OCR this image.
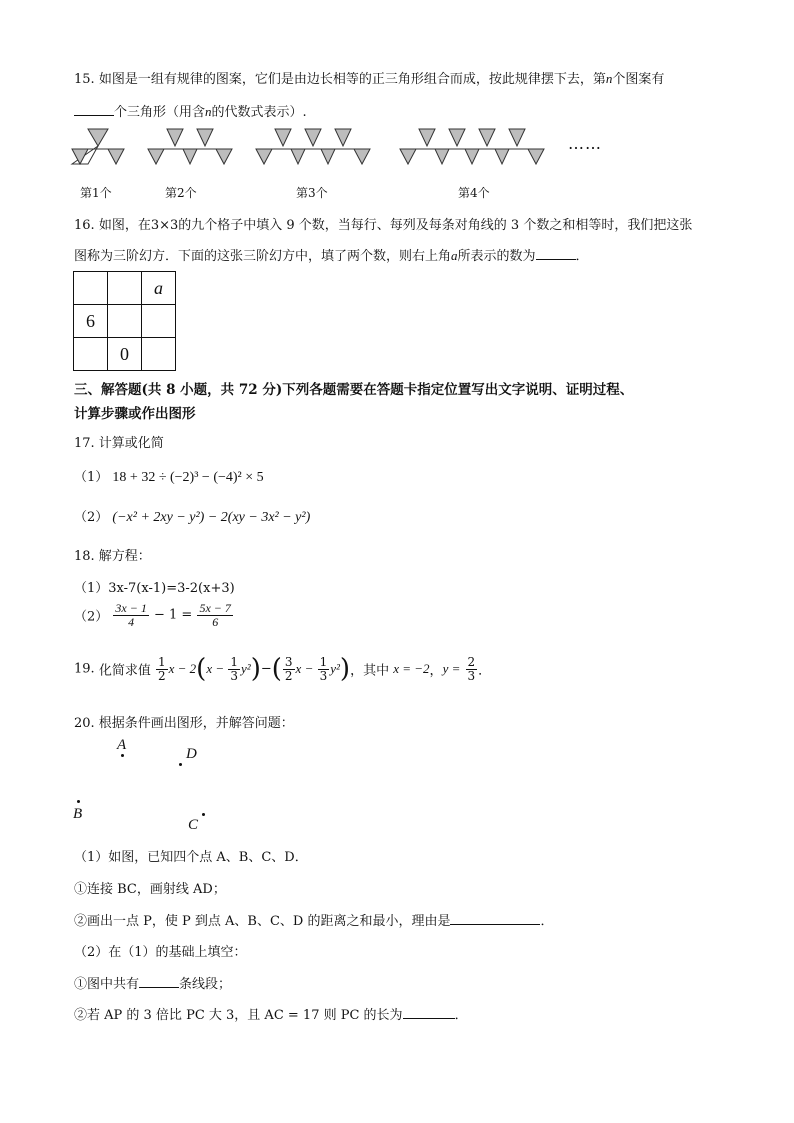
15. 如图是一组有规律的图案，它们是由边长相等的正三角形组合而成，按此规律摆下去，第n个图案有
个三角形（用含n的代数式表示）.
……
第1个	第2个	第3个	第4个
16. 如图，在3×3的九个格子中填入 9 个数，当每行、每列及每条对角线的 3 个数之和相等时，我们把这张
图称为三阶幻方．下面的这张三阶幻方中，填了两个数，则右上角a所表示的数为	．
		a
6		
	0	
三、解答题(共 8 小题，共 72 分)下列各题需要在答题卡指定位置写出文字说明、证明过程、
计算步骤或作出图形
17. 计算或化简
（1） 18 + 32 ÷ (−2)³ − (−4)² × 5
（2） (−x² + 2xy − y²) − 2(xy − 3x² − y²)
18. 解方程：
（1）3x-7(x-1)=3-2(x+3)
$(2) \frac{3x - 1}{4} - 1 = \frac{5x - 7}{6}$
19. 化简求值 $\frac{1}{2}$ $x - 2(x - \frac{1}{3} y^2)-( \frac{3}{2}$ $x - \frac{1}{3} y^2$)，其中 x = −2，$y = \frac{2}{3}$ ．
20. 根据条件画出图形，并解答问题：
A
D
B
C
（1）如图，已知四个点 A、B、C、D．
①连接 BC，画射线 AD；
②画出一点 P，使 P 到点 A、B、C、D 的距离之和最小，理由是	．
（2）在（1）的基础上填空：
①图中共有	条线段；
②若 AP 的 3 倍比 PC 大 3，且 AC = 17 则 PC 的长为	．
